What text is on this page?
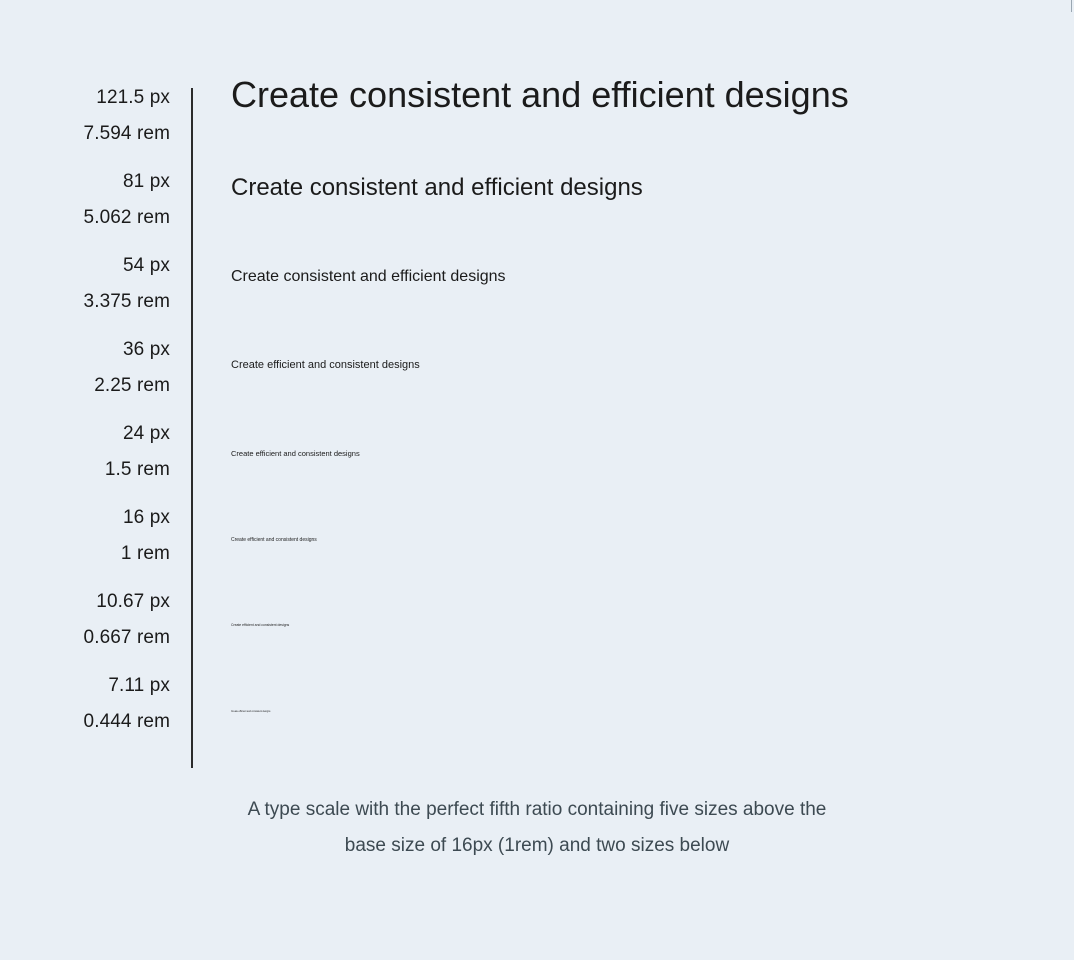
121.5 px
7.594 rem
Create consistent and efficient designs
81 px
5.062 rem
Create consistent and efficient designs
54 px
3.375 rem
Create consistent and efficient designs
36 px
2.25 rem
Create efficient and consistent designs
24 px
1.5 rem
Create efficient and consistent designs
16 px
1 rem
Create efficient and consistent designs
10.67 px
0.667 rem
Create efficient and consistent designs
7.11 px
0.444 rem	Create efficient and consistent designs
A type scale with the perfect fifth ratio containing five sizes above the
base size of 16px (1rem) and two sizes below
